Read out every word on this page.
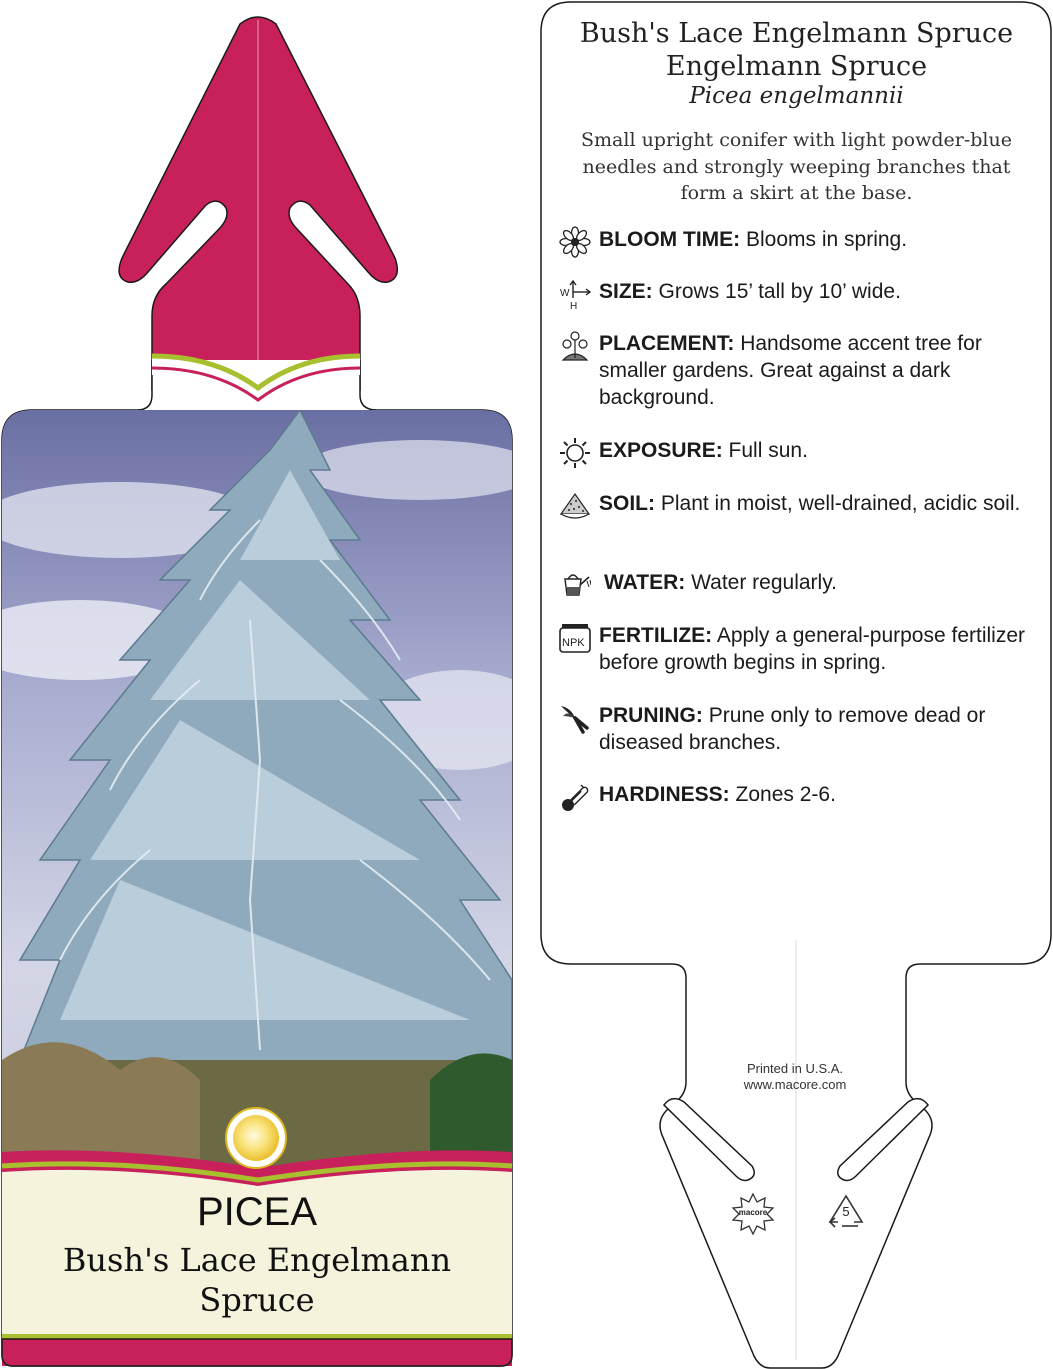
PICEA
Bush's Lace Engelmann
Spruce
Bush's Lace Engelmann Spruce
Engelmann Spruce
Picea engelmannii
Small upright conifer with light powder-blue
needles and strongly weeping branches that
form a skirt at the base.
BLOOM TIME: Blooms in spring.
W
H
SIZE: Grows 15’ tall by 10’ wide.
PLACEMENT: Handsome accent tree for smaller gardens. Great against a dark background.
EXPOSURE: Full sun.
SOIL: Plant in moist, well-drained, acidic soil.
WATER: Water regularly.
NPK FERTILIZE: Apply a general-purpose fertilizer before growth begins in spring.
PRUNING: Prune only to remove dead or diseased branches.
HARDINESS: Zones 2-6.
Printed in U.S.A.
www.macore.com
macore	5
